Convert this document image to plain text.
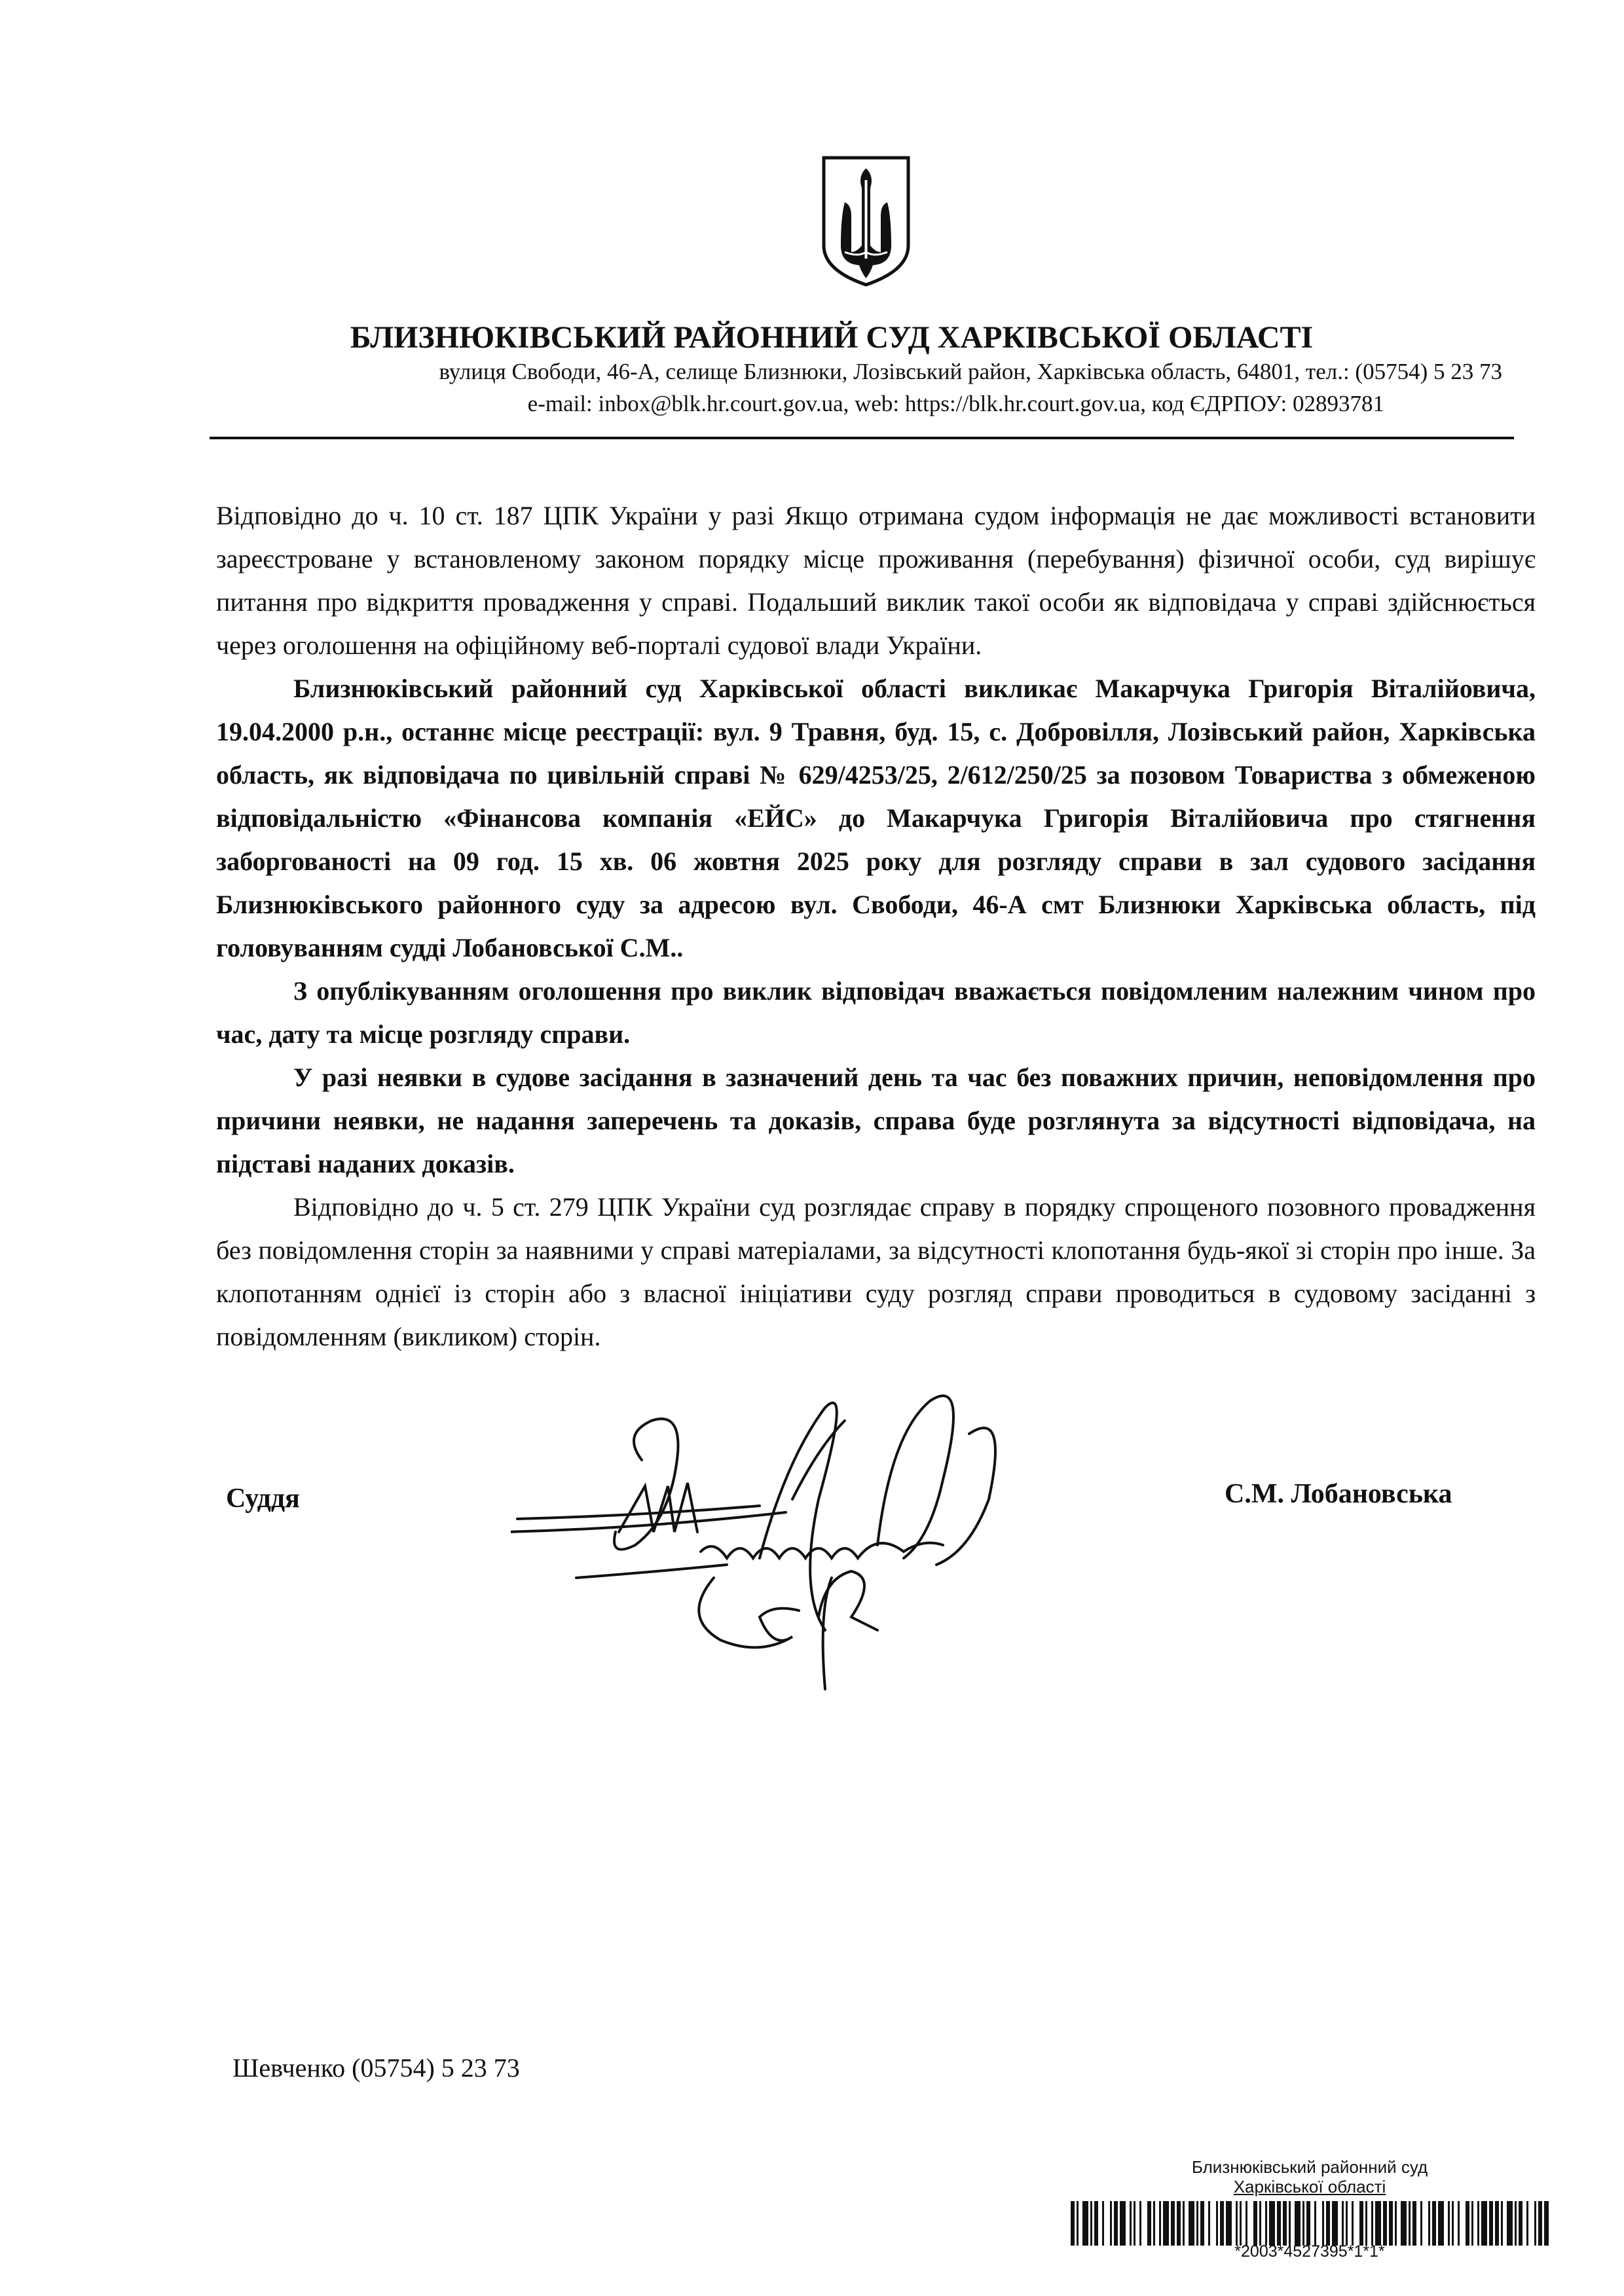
БЛИЗНЮКІВСЬКИЙ РАЙОННИЙ СУД ХАРКІВСЬКОЇ ОБЛАСТІ
вулиця Свободи, 46-А, селище Близнюки, Лозівський район, Харківська область, 64801, тел.: (05754) 5 23 73
e-mail: inbox@blk.hr.court.gov.ua, web: https://blk.hr.court.gov.ua, код ЄДРПОУ: 02893781

Відповідно до ч. 10 ст. 187 ЦПК України у разі Якщо отримана судом інформація не дає можливості встановити зареєстроване у встановленому законом порядку місце проживання (перебування) фізичної особи, суд вирішує питання про відкриття провадження у справі. Подальший виклик такої особи як відповідача у справі здійснюється через оголошення на офіційному веб-порталі судової влади України.

Близнюківський районний суд Харківської області викликає Макарчука Григорія Віталійовича, 19.04.2000 р.н., останнє місце реєстрації: вул. 9 Травня, буд. 15, с. Добровілля, Лозівський район, Харківська область, як відповідача по цивільній справі № 629/4253/25, 2/612/250/25 за позовом Товариства з обмеженою відповідальністю «Фінансова компанія «ЕЙС» до Макарчука Григорія Віталійовича про стягнення заборгованості на 09 год. 15 хв. 06 жовтня 2025 року для розгляду справи в зал судового засідання Близнюківського районного суду за адресою вул. Свободи, 46-А смт Близнюки Харківська область, під головуванням судді Лобановської С.М..

З опублікуванням оголошення про виклик відповідач вважається повідомленим належним чином про час, дату та місце розгляду справи.

У разі неявки в судове засідання в зазначений день та час без поважних причин, неповідомлення про причини неявки, не надання заперечень та доказів, справа буде розглянута за відсутності відповідача, на підставі наданих доказів.

Відповідно до ч. 5 ст. 279 ЦПК України суд розглядає справу в порядку спрощеного позовного провадження без повідомлення сторін за наявними у справі матеріалами, за відсутності клопотання будь-якої зі сторін про інше. За клопотанням однієї із сторін або з власної ініціативи суду розгляд справи проводиться в судовому засіданні з повідомленням (викликом) сторін.

Суддя	С.М. Лобановська
Шевченко (05754) 5 23 73
Близнюківський районний суд
Харківської області
*2003*4527395*1*1*
